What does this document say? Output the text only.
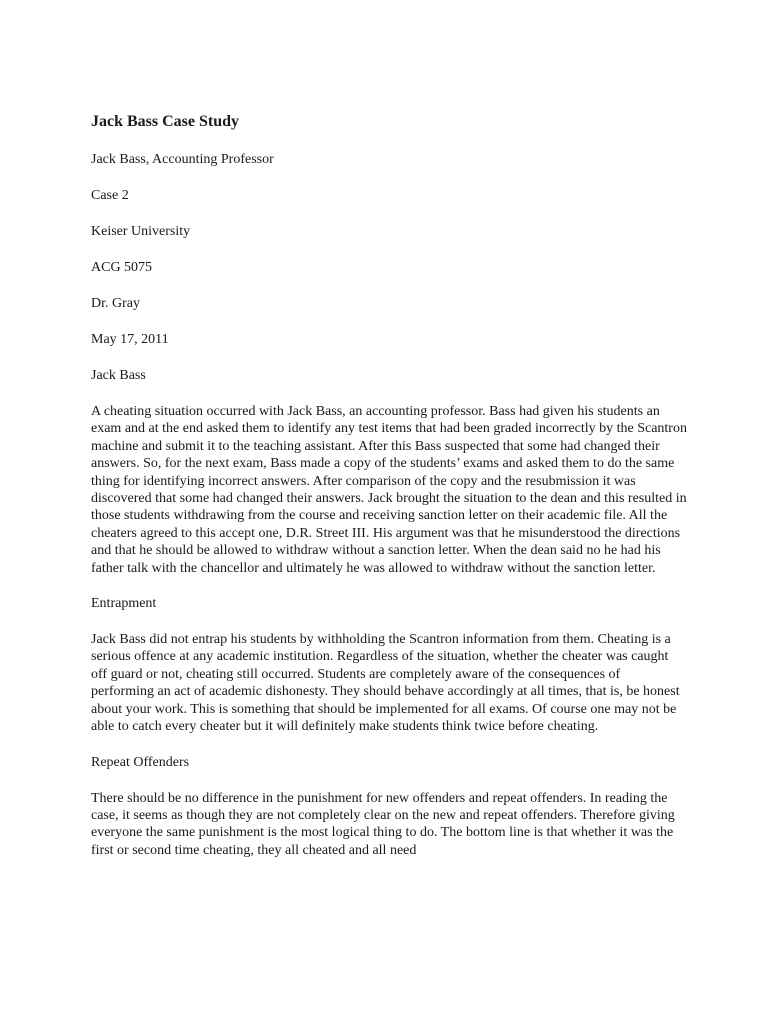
Jack Bass Case Study
Jack Bass, Accounting Professor
Case 2
Keiser University
ACG 5075
Dr. Gray
May 17, 2011
Jack Bass
A cheating situation occurred with Jack Bass, an accounting professor. Bass had given his students an exam and at the end asked them to identify any test items that had been graded incorrectly by the Scantron machine and submit it to the teaching assistant. After this Bass suspected that some had changed their answers. So, for the next exam, Bass made a copy of the students’ exams and asked them to do the same thing for identifying incorrect answers. After comparison of the copy and the resubmission it was discovered that some had changed their answers. Jack brought the situation to the dean and this resulted in those students withdrawing from the course and receiving sanction letter on their academic file. All the cheaters agreed to this accept one, D.R. Street III. His argument was that he misunderstood the directions and that he should be allowed to withdraw without a sanction letter. When the dean said no he had his father talk with the chancellor and ultimately he was allowed to withdraw without the sanction letter.
Entrapment
Jack Bass did not entrap his students by withholding the Scantron information from them. Cheating is a serious offence at any academic institution. Regardless of the situation, whether the cheater was caught off guard or not, cheating still occurred. Students are completely aware of the consequences of performing an act of academic dishonesty. They should behave accordingly at all times, that is, be honest about your work. This is something that should be implemented for all exams. Of course one may not be able to catch every cheater but it will definitely make students think twice before cheating.
Repeat Offenders
There should be no difference in the punishment for new offenders and repeat offenders. In reading the case, it seems as though they are not completely clear on the new and repeat offenders. Therefore giving everyone the same punishment is the most logical thing to do. The bottom line is that whether it was the first or second time cheating, they all cheated and all need
